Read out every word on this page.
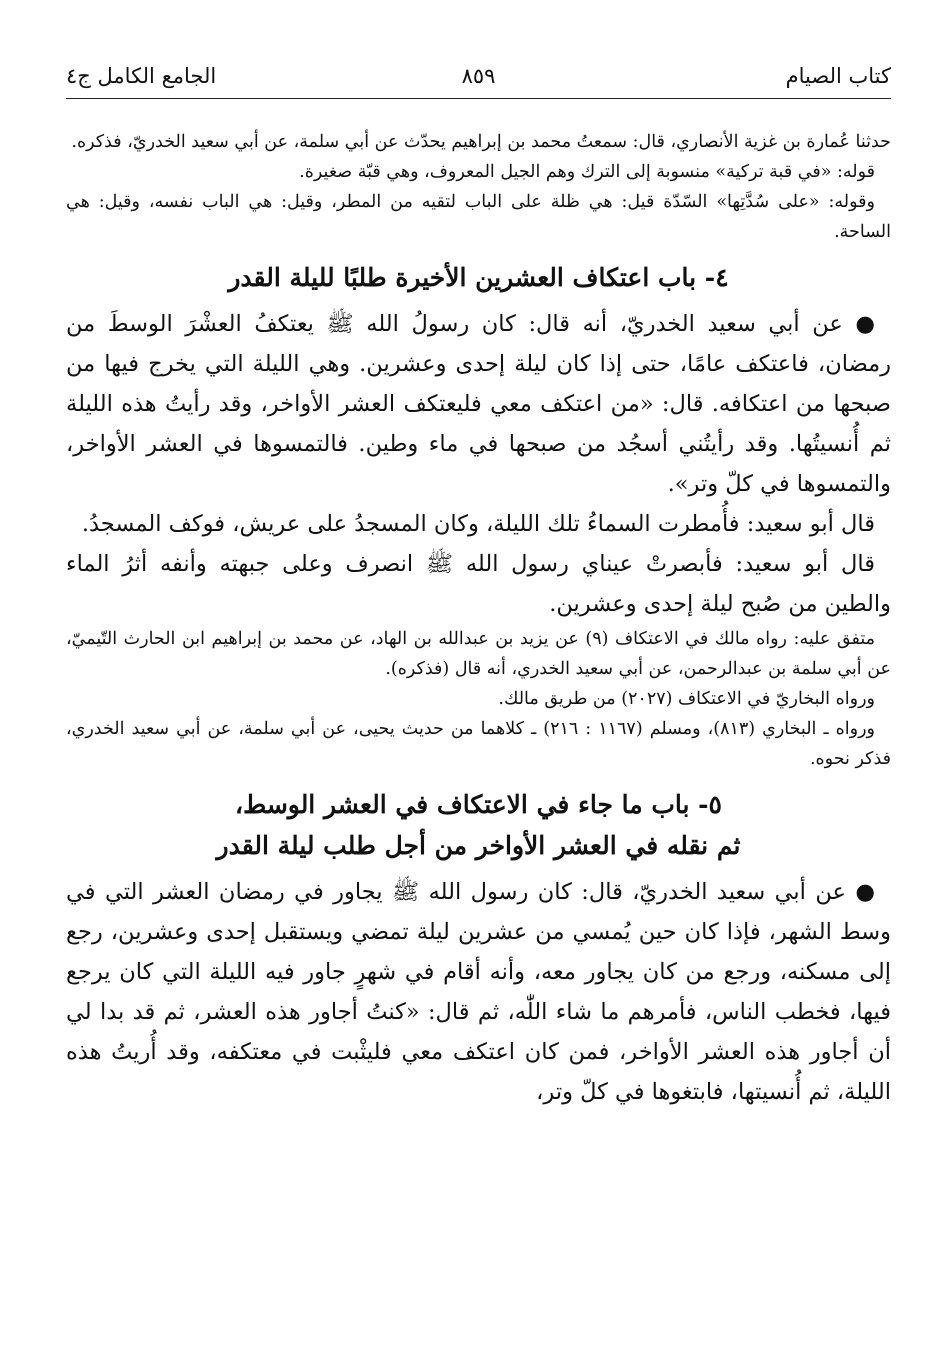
كتاب الصيام
٨٥٩
الجامع الكامل ج٤

حدثنا عُمارة بن غزية الأنصاري، قال: سمعتُ محمد بن إبراهيم يحدّث عن أبي سلمة، عن أبي سعيد الخدريّ، فذكره.

قوله: «في قبة تركية» منسوبة إلى الترك وهم الجيل المعروف، وهي قبّة صغيرة.

وقوله: «على سُدَّتِها» السّدّة قيل: هي ظلة على الباب لتقيه من المطر، وقيل: هي الباب نفسه، وقيل: هي الساحة.

٤- باب اعتكاف العشرين الأخيرة طلبًا لليلة القدر

● عن أبي سعيد الخدريّ، أنه قال: كان رسولُ الله ﷺ يعتكفُ العشْرَ الوسطَ من رمضان، فاعتكف عامًا، حتى إذا كان ليلة إحدى وعشرين. وهي الليلة التي يخرج فيها من صبحها من اعتكافه. قال: «من اعتكف معي فليعتكف العشر الأواخر، وقد رأيتُ هذه الليلة ثم أُنسيتُها. وقد رأيتُني أسجُد من صبحها في ماء وطين. فالتمسوها في العشر الأواخر، والتمسوها في كلّ وتر».

قال أبو سعيد: فأُمطرت السماءُ تلك الليلة، وكان المسجدُ على عريش، فوكف المسجدُ.

قال أبو سعيد: فأبصرتْ عيناي رسول الله ﷺ انصرف وعلى جبهته وأنفه أثرُ الماء والطين من صُبح ليلة إحدى وعشرين.

متفق عليه: رواه مالك في الاعتكاف (٩) عن يزيد بن عبدالله بن الهاد، عن محمد بن إبراهيم ابن الحارث التّيميّ، عن أبي سلمة بن عبدالرحمن، عن أبي سعيد الخدري، أنه قال (فذكره).

ورواه البخاريّ في الاعتكاف (٢٠٢٧) من طريق مالك.

ورواه ـ البخاري (٨١٣)، ومسلم (١١٦٧ : ٢١٦) ـ كلاهما من حديث يحيى، عن أبي سلمة، عن أبي سعيد الخدري، فذكر نحوه.

٥- باب ما جاء في الاعتكاف في العشر الوسط،
ثم نقله في العشر الأواخر من أجل طلب ليلة القدر

● عن أبي سعيد الخدريّ، قال: كان رسول الله ﷺ يجاور في رمضان العشر التي في وسط الشهر، فإذا كان حين يُمسي من عشرين ليلة تمضي ويستقبل إحدى وعشرين، رجع إلى مسكنه، ورجع من كان يجاور معه، وأنه أقام في شهرٍ جاور فيه الليلة التي كان يرجع فيها، فخطب الناس، فأمرهم ما شاء اللّٰه، ثم قال: «كنتُ أجاور هذه العشر، ثم قد بدا لي أن أجاور هذه العشر الأواخر، فمن كان اعتكف معي فليثْبت في معتكفه، وقد أُريتُ هذه الليلة، ثم أُنسيتها، فابتغوها في كلّ وتر،
